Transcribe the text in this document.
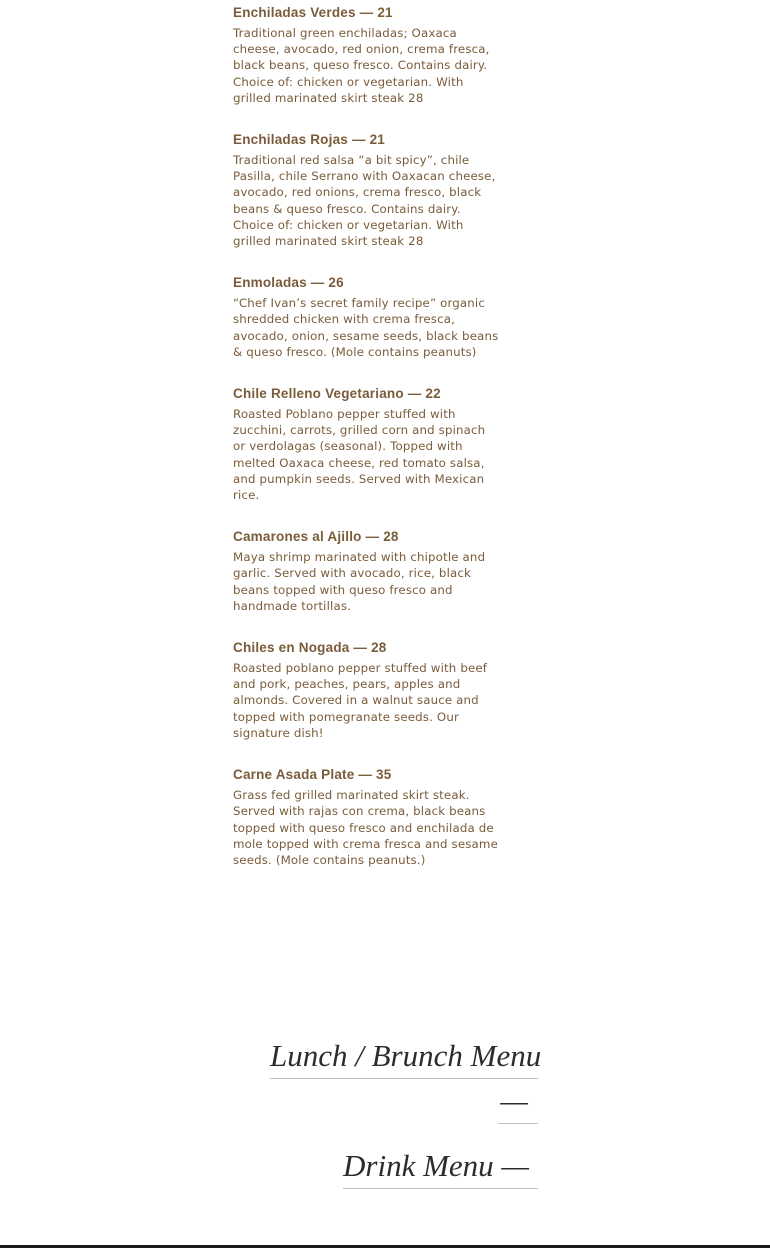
Enchiladas Verdes — 21

Traditional green enchiladas; Oaxaca cheese, avocado, red onion, crema fresca, black beans, queso fresco. Contains dairy. Choice of: chicken or vegetarian. With grilled marinated skirt steak 28

Enchiladas Rojas — 21

Traditional red salsa “a bit spicy”, chile Pasilla, chile Serrano with Oaxacan cheese, avocado, red onions, crema fresco, black beans & queso fresco. Contains dairy. Choice of: chicken or vegetarian. With grilled marinated skirt steak 28

Enmoladas — 26

“Chef Ivan’s secret family recipe” organic shredded chicken with crema fresca, avocado, onion, sesame seeds, black beans & queso fresco. (Mole contains peanuts)

Chile Relleno Vegetariano — 22

Roasted Poblano pepper stuffed with zucchini, carrots, grilled corn and spinach or verdolagas (seasonal). Topped with melted Oaxaca cheese, red tomato salsa, and pumpkin seeds. Served with Mexican rice.

Camarones al Ajillo — 28

Maya shrimp marinated with chipotle and garlic. Served with avocado, rice, black beans topped with queso fresco and handmade tortillas.

Chiles en Nogada — 28

Roasted poblano pepper stuffed with beef and pork, peaches, pears, apples and almonds. Covered in a walnut sauce and topped with pomegranate seeds. Our signature dish!

Carne Asada Plate — 35

Grass fed grilled marinated skirt steak. Served with rajas con crema, black beans topped with queso fresco and enchilada de mole topped with crema fresca and sesame seeds. (Mole contains peanuts.)

Lunch / Brunch Menu
—
Drink Menu —
